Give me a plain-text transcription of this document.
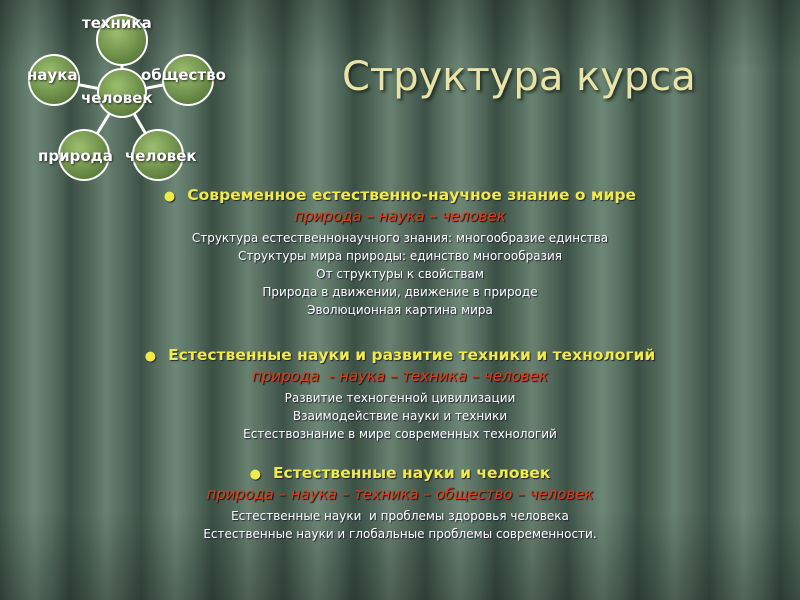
техника
наука	общество
человек
природа человек
Структура курса

● Современное естественно-научное знание о мире

природа – наука – человек

Структура естественнонаучного знания: многообразие единства

Структуры мира природы: единство многообразия

От структуры к свойствам

Природа в движении, движение в природе

Эволюционная картина мира

● Естественные науки и развитие техники и технологий

природа  - наука – техника – человек

Развитие техногенной цивилизации

Взаимодействие науки и техники

Естествознание в мире современных технологий

● Естественные науки и человек

природа – наука – техника – общество – человек

Естественные науки  и проблемы здоровья человека

Естественные науки и глобальные проблемы современности.
